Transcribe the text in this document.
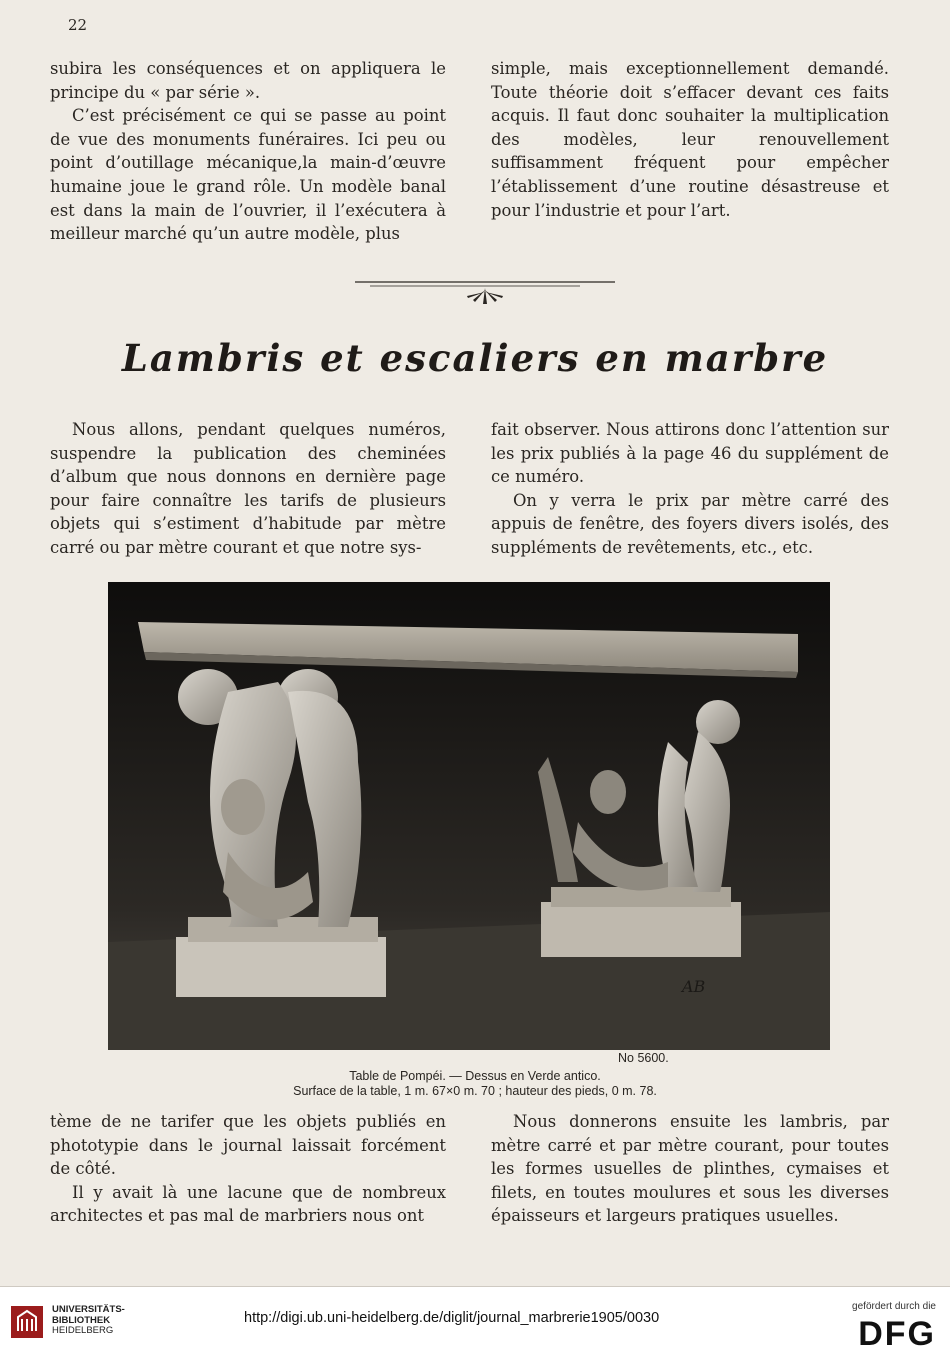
22

subira les conséquences et on appliquera le principe du « par série ».

C’est précisément ce qui se passe au point de vue des monuments funéraires. Ici peu ou point d’outillage mécanique,la main-d’œuvre humaine joue le grand rôle. Un modèle banal est dans la main de l’ouvrier, il l’exécutera à meilleur marché qu’un autre modèle, plus

simple, mais exceptionnellement demandé. Toute théorie doit s’effacer devant ces faits acquis. Il faut donc souhaiter la multiplication des modèles, leur renouvellement suffisamment fréquent pour empêcher l’établissement d’une routine désastreuse et pour l’industrie et pour l’art.

Lambris et escaliers en marbre

Nous allons, pendant quelques numéros, suspendre la publication des cheminées d’album que nous donnons en dernière page pour faire connaître les tarifs de plusieurs objets qui s’estiment d’habitude par mètre carré ou par mètre courant et que notre sys-

fait observer. Nous attirons donc l’attention sur les prix publiés à la page 46 du supplément de ce numéro.

On y verra le prix par mètre carré des appuis de fenêtre, des foyers divers isolés, des suppléments de revêtements, etc., etc.

AB
No 5600.
Table de Pompéi. — Dessus en Verde antico.
Surface de la table, 1 m. 67×0 m. 70 ; hauteur des pieds, 0 m. 78.

tème de ne tarifer que les objets publiés en phototypie dans le journal laissait forcément de côté.

Il y avait là une lacune que de nombreux architectes et pas mal de marbriers nous ont

Nous donnerons ensuite les lambris, par mètre carré et par mètre courant, pour toutes les formes usuelles de plinthes, cymaises et filets, en toutes moulures et sous les diverses épaisseurs et largeurs pratiques usuelles.

UNIVERSITÄTS-
BIBLIOTHEK
HEIDELBERG
http://digi.ub.uni-heidelberg.de/diglit/journal_marbrerie1905/0030
gefördert durch die
DFG
